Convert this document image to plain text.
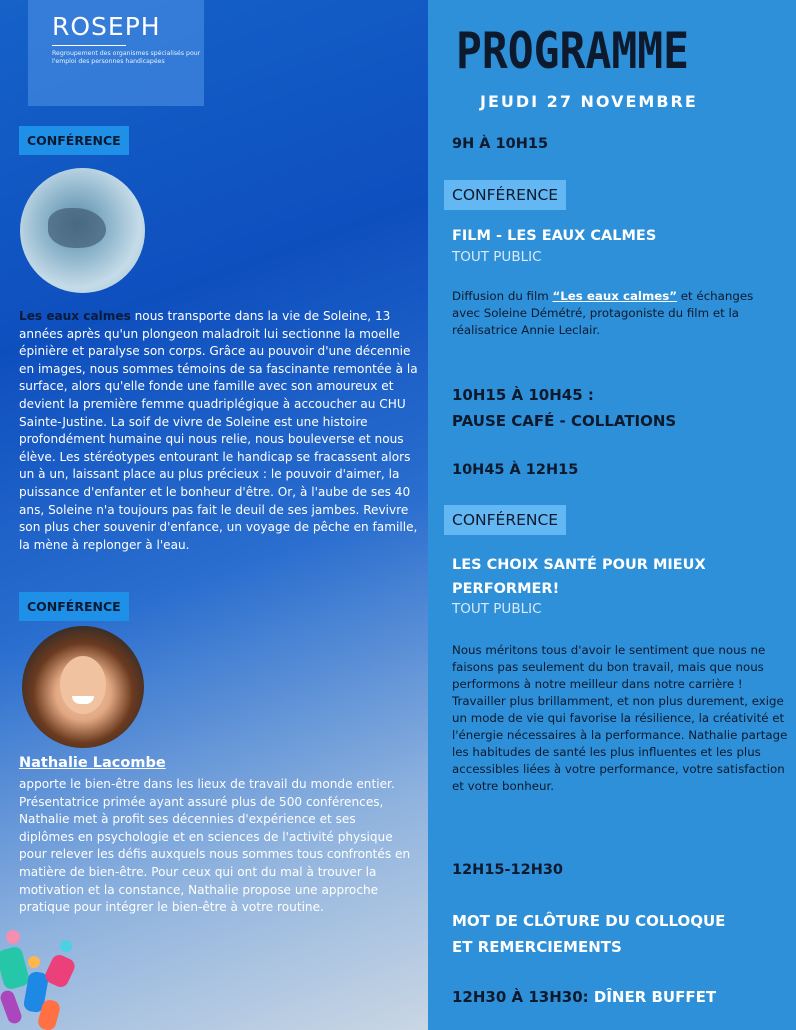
ROSEPH
Regroupement des organismes spécialisés pour l'emploi des personnes handicapées
CONFÉRENCE
Les eaux calmes nous transporte dans la vie de Soleine, 13 années après qu'un plongeon maladroit lui sectionne la moelle épinière et paralyse son corps. Grâce au pouvoir d'une décennie en images, nous sommes témoins de sa fascinante remontée à la surface, alors qu'elle fonde une famille avec son amoureux et devient la première femme quadriplégique à accoucher au CHU Sainte-Justine. La soif de vivre de Soleine est une histoire profondément humaine qui nous relie, nous bouleverse et nous élève. Les stéréotypes entourant le handicap se fracassent alors un à un, laissant place au plus précieux : le pouvoir d'aimer, la puissance d'enfanter et le bonheur d'être. Or, à l'aube de ses 40 ans, Soleine n'a toujours pas fait le deuil de ses jambes. Revivre son plus cher souvenir d'enfance, un voyage de pêche en famille, la mène à replonger à l'eau.
CONFÉRENCE
Nathalie Lacombe
apporte le bien-être dans les lieux de travail du monde entier. Présentatrice primée ayant assuré plus de 500 conférences, Nathalie met à profit ses décennies d'expérience et ses diplômes en psychologie et en sciences de l'activité physique pour relever les défis auxquels nous sommes tous confrontés en matière de bien-être. Pour ceux qui ont du mal à trouver la motivation et la constance, Nathalie propose une approche pratique pour intégrer le bien-être à votre routine.
PROGRAMME
JEUDI 27 NOVEMBRE
9H À 10H15
CONFÉRENCE
FILM - LES EAUX CALMES
TOUT PUBLIC
Diffusion du film “Les eaux calmes” et échanges avec Soleine Démétré, protagoniste du film et la réalisatrice Annie Leclair.
10H15 À 10H45 :
PAUSE CAFÉ - COLLATIONS
10H45 À 12H15
CONFÉRENCE
LES CHOIX SANTÉ POUR MIEUX
PERFORMER!
TOUT PUBLIC
Nous méritons tous d'avoir le sentiment que nous ne faisons pas seulement du bon travail, mais que nous performons à notre meilleur dans notre carrière ! Travailler plus brillamment, et non plus durement, exige un mode de vie qui favorise la résilience, la créativité et l'énergie nécessaires à la performance. Nathalie partage les habitudes de santé les plus influentes et les plus accessibles liées à votre performance, votre satisfaction et votre bonheur.
12H15-12H30
MOT DE CLÔTURE DU COLLOQUE
ET REMERCIEMENTS
12H30 À 13H30: DÎNER BUFFET
